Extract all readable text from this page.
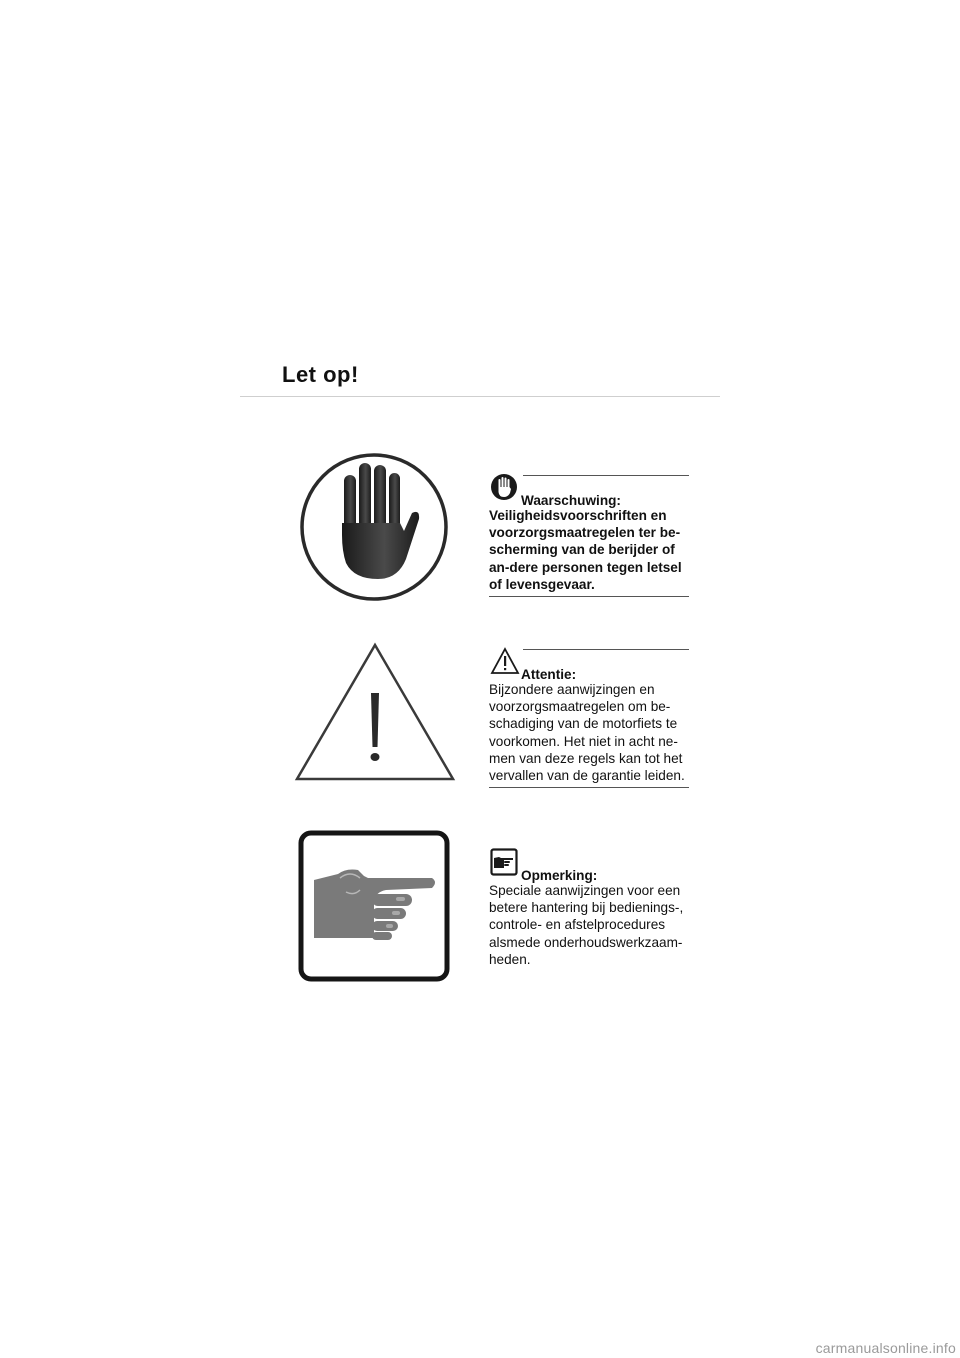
Let op!
Waarschuwing:

Veiligheidsvoorschriften en voorzorgsmaatregelen ter be-scherming van de berijder of an-dere personen tegen letsel of levensgevaar.

Attentie:

Bijzondere aanwijzingen en voorzorgsmaatregelen om be-schadiging van de motorfiets te voorkomen. Het niet in acht ne-men van deze regels kan tot het vervallen van de garantie leiden.

Opmerking:

Speciale aanwijzingen voor een betere hantering bij bedienings-, controle- en afstelprocedures alsmede onderhoudswerkzaam-heden.

carmanualsonline.info
